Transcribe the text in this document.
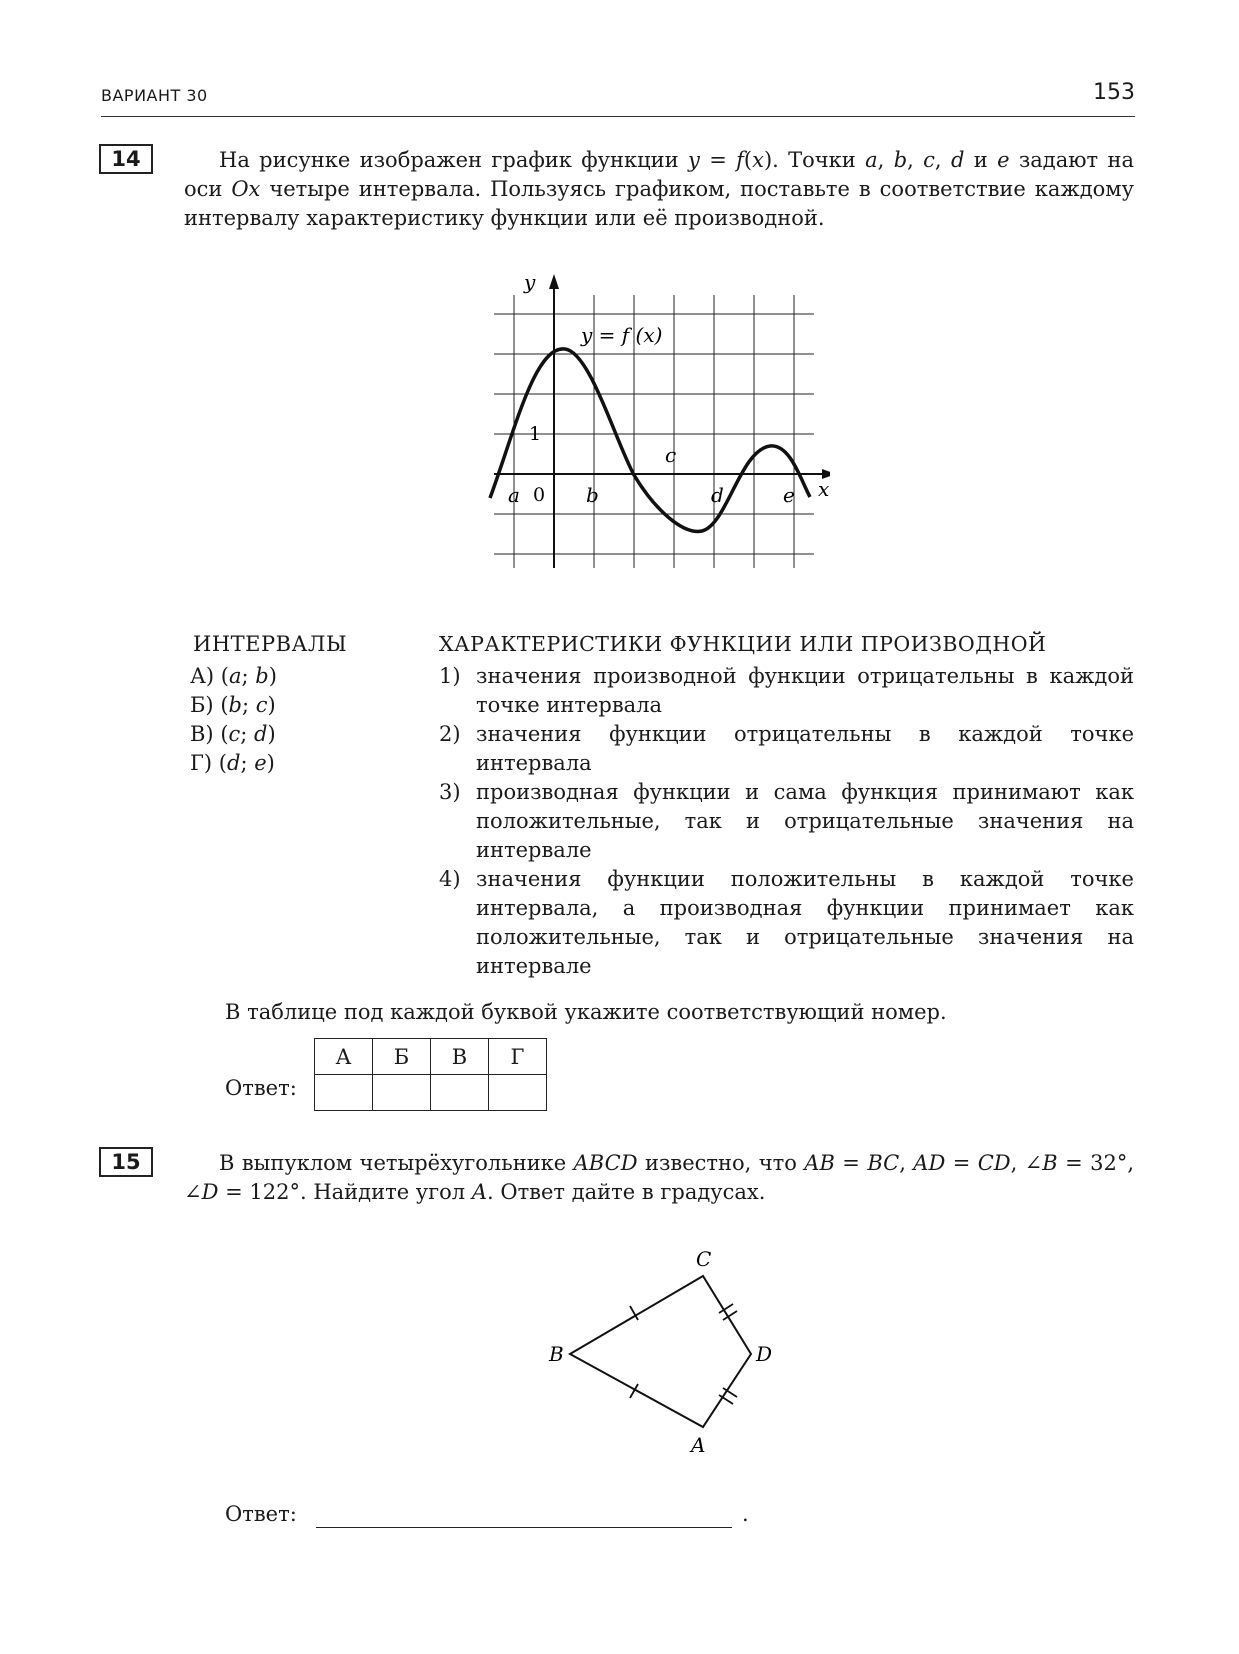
ВАРИАНТ 30	153
14	На рисунке изображен график функции y = f(x). Точки a, b, c, d и e задают на оси Ox четыре интервала. Пользуясь графиком, поставьте в соответствие каждому интервалу характеристику функции или её производной.
y
x
y = f (x)
1
0
a	b
c
d	e
ИНТЕРВАЛЫ
А) (a; b)
Б) (b; c)
В) (c; d)
Г) (d; e)
ХАРАКТЕРИСТИКИ ФУНКЦИИ ИЛИ ПРОИЗВОДНОЙ
1) значения производной функции отрицательны в каждой точке интервала
2) значения функции отрицательны в каждой точке интервала
3) производная функции и сама функция принимают как положительные, так и отрицательные значения на интервале
4) значения функции положительны в каждой точке интервала, а производная функции принимает как положительные, так и отрицательные значения на интервале
В таблице под каждой буквой укажите соответствующий номер.
Ответ:
А	Б	В	Г

15	В выпуклом четырёхугольнике ABCD известно, что AB = BC, AD = CD, ∠B = 32°, ∠D = 122°. Найдите угол A. Ответ дайте в градусах.
C
B	D
A
Ответ:	.
